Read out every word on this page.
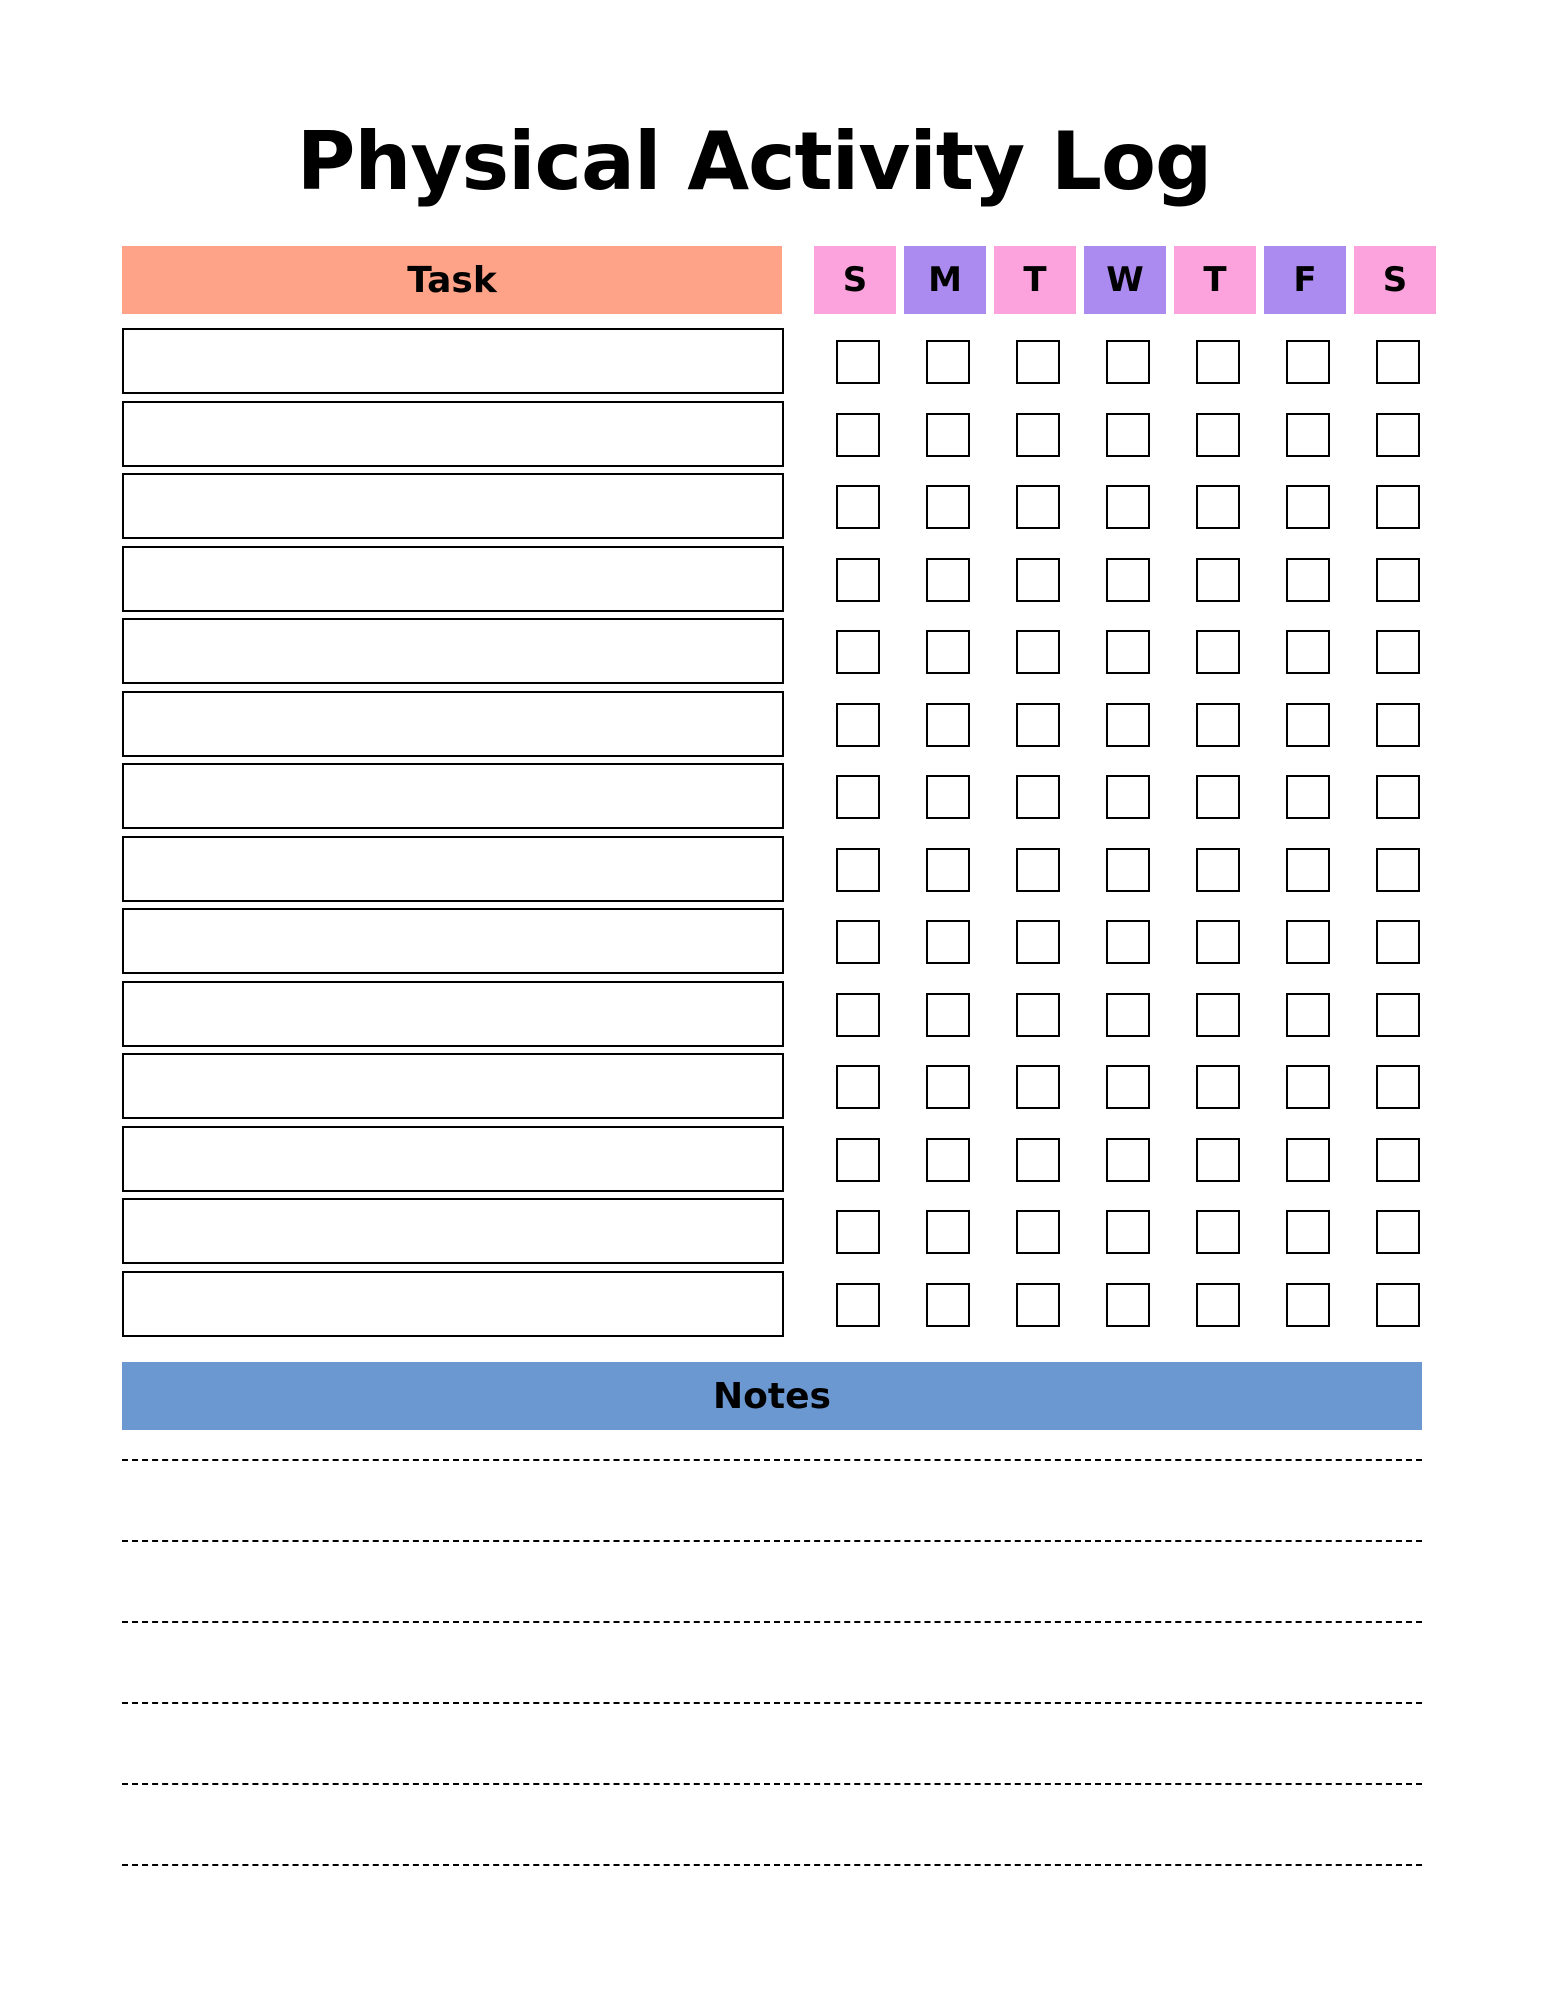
Physical Activity Log
Task	S M T W T F S
Notes
